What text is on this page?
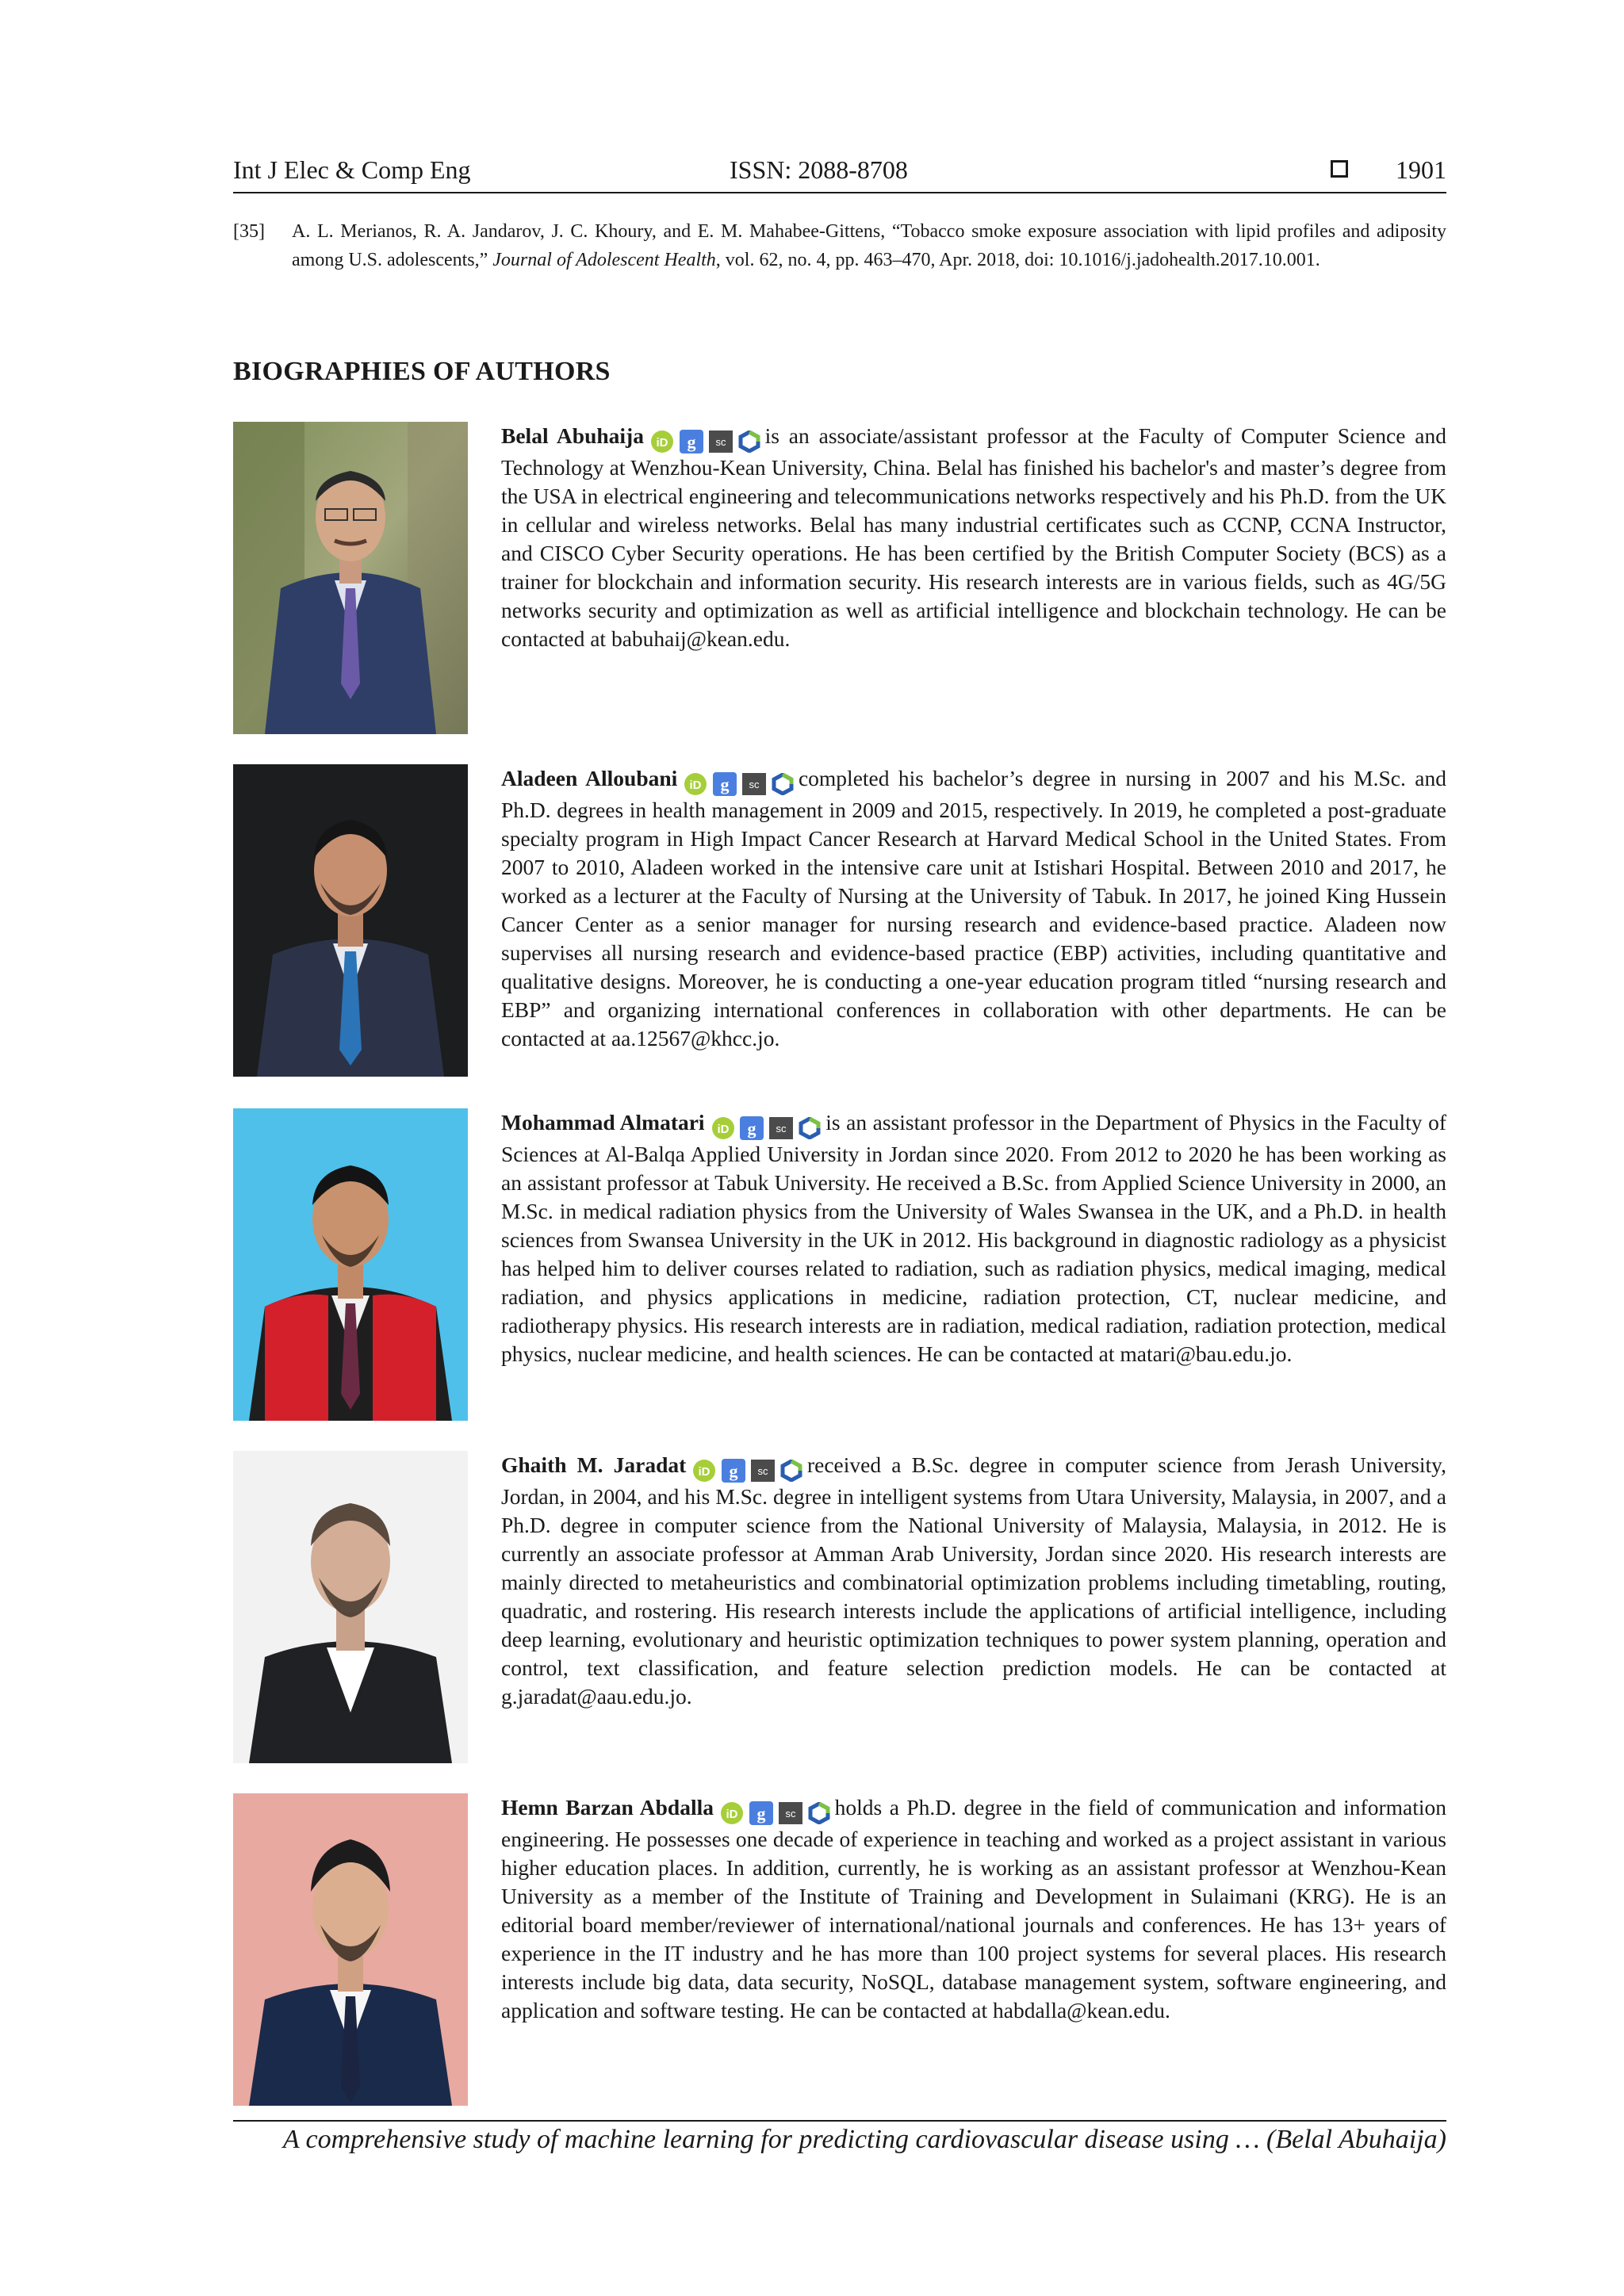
Int J Elec & Comp Eng	ISSN: 2088-8708	1901
[35] A. L. Merianos, R. A. Jandarov, J. C. Khoury, and E. M. Mahabee-Gittens, “Tobacco smoke exposure association with lipid profiles and adiposity among U.S. adolescents,” Journal of Adolescent Health, vol. 62, no. 4, pp. 463–470, Apr. 2018, doi: 10.1016/j.jadohealth.2017.10.001.
BIOGRAPHIES OF AUTHORS
Belal Abuhaija iD
g
sc is an associate/assistant professor at the Faculty of Computer Science and Technology at Wenzhou-Kean University, China. Belal has finished his bachelor's and master’s degree from the USA in electrical engineering and telecommunications networks respectively and his Ph.D. from the UK in cellular and wireless networks. Belal has many industrial certificates such as CCNP, CCNA Instructor, and CISCO Cyber Security operations. He has been certified by the British Computer Society (BCS) as a trainer for blockchain and information security. His research interests are in various fields, such as 4G/5G networks security and optimization as well as artificial intelligence and blockchain technology. He can be contacted at babuhaij@kean.edu.
Aladeen Alloubani iD
g
sc completed his bachelor’s degree in nursing in 2007 and his M.Sc. and Ph.D. degrees in health management in 2009 and 2015, respectively. In 2019, he completed a post-graduate specialty program in High Impact Cancer Research at Harvard Medical School in the United States. From 2007 to 2010, Aladeen worked in the intensive care unit at Istishari Hospital. Between 2010 and 2017, he worked as a lecturer at the Faculty of Nursing at the University of Tabuk. In 2017, he joined King Hussein Cancer Center as a senior manager for nursing research and evidence-based practice. Aladeen now supervises all nursing research and evidence-based practice (EBP) activities, including quantitative and qualitative designs. Moreover, he is conducting a one-year education program titled “nursing research and EBP” and organizing international conferences in collaboration with other departments. He can be contacted at aa.12567@khcc.jo.
Mohammad Almatari iD
g
sc is an assistant professor in the Department of Physics in the Faculty of Sciences at Al-Balqa Applied University in Jordan since 2020. From 2012 to 2020 he has been working as an assistant professor at Tabuk University. He received a B.Sc. from Applied Science University in 2000, an M.Sc. in medical radiation physics from the University of Wales Swansea in the UK, and a Ph.D. in health sciences from Swansea University in the UK in 2012. His background in diagnostic radiology as a physicist has helped him to deliver courses related to radiation, such as radiation physics, medical imaging, medical radiation, and physics applications in medicine, radiation protection, CT, nuclear medicine, and radiotherapy physics. His research interests are in radiation, medical radiation, radiation protection, medical physics, nuclear medicine, and health sciences. He can be contacted at matari@bau.edu.jo.
Ghaith M. Jaradat iD
g
sc received a B.Sc. degree in computer science from Jerash University, Jordan, in 2004, and his M.Sc. degree in intelligent systems from Utara University, Malaysia, in 2007, and a Ph.D. degree in computer science from the National University of Malaysia, Malaysia, in 2012. He is currently an associate professor at Amman Arab University, Jordan since 2020. His research interests are mainly directed to metaheuristics and combinatorial optimization problems including timetabling, routing, quadratic, and rostering. His research interests include the applications of artificial intelligence, including deep learning, evolutionary and heuristic optimization techniques to power system planning, operation and control, text classification, and feature selection prediction models. He can be contacted at g.jaradat@aau.edu.jo.
Hemn Barzan Abdalla iD
g
sc holds a Ph.D. degree in the field of communication and information engineering. He possesses one decade of experience in teaching and worked as a project assistant in various higher education places. In addition, currently, he is working as an assistant professor at Wenzhou-Kean University as a member of the Institute of Training and Development in Sulaimani (KRG). He is an editorial board member/reviewer of international/national journals and conferences. He has 13+ years of experience in the IT industry and he has more than 100 project systems for several places. His research interests include big data, data security, NoSQL, database management system, software engineering, and application and software testing. He can be contacted at habdalla@kean.edu.
A comprehensive study of machine learning for predicting cardiovascular disease using … (Belal Abuhaija)
